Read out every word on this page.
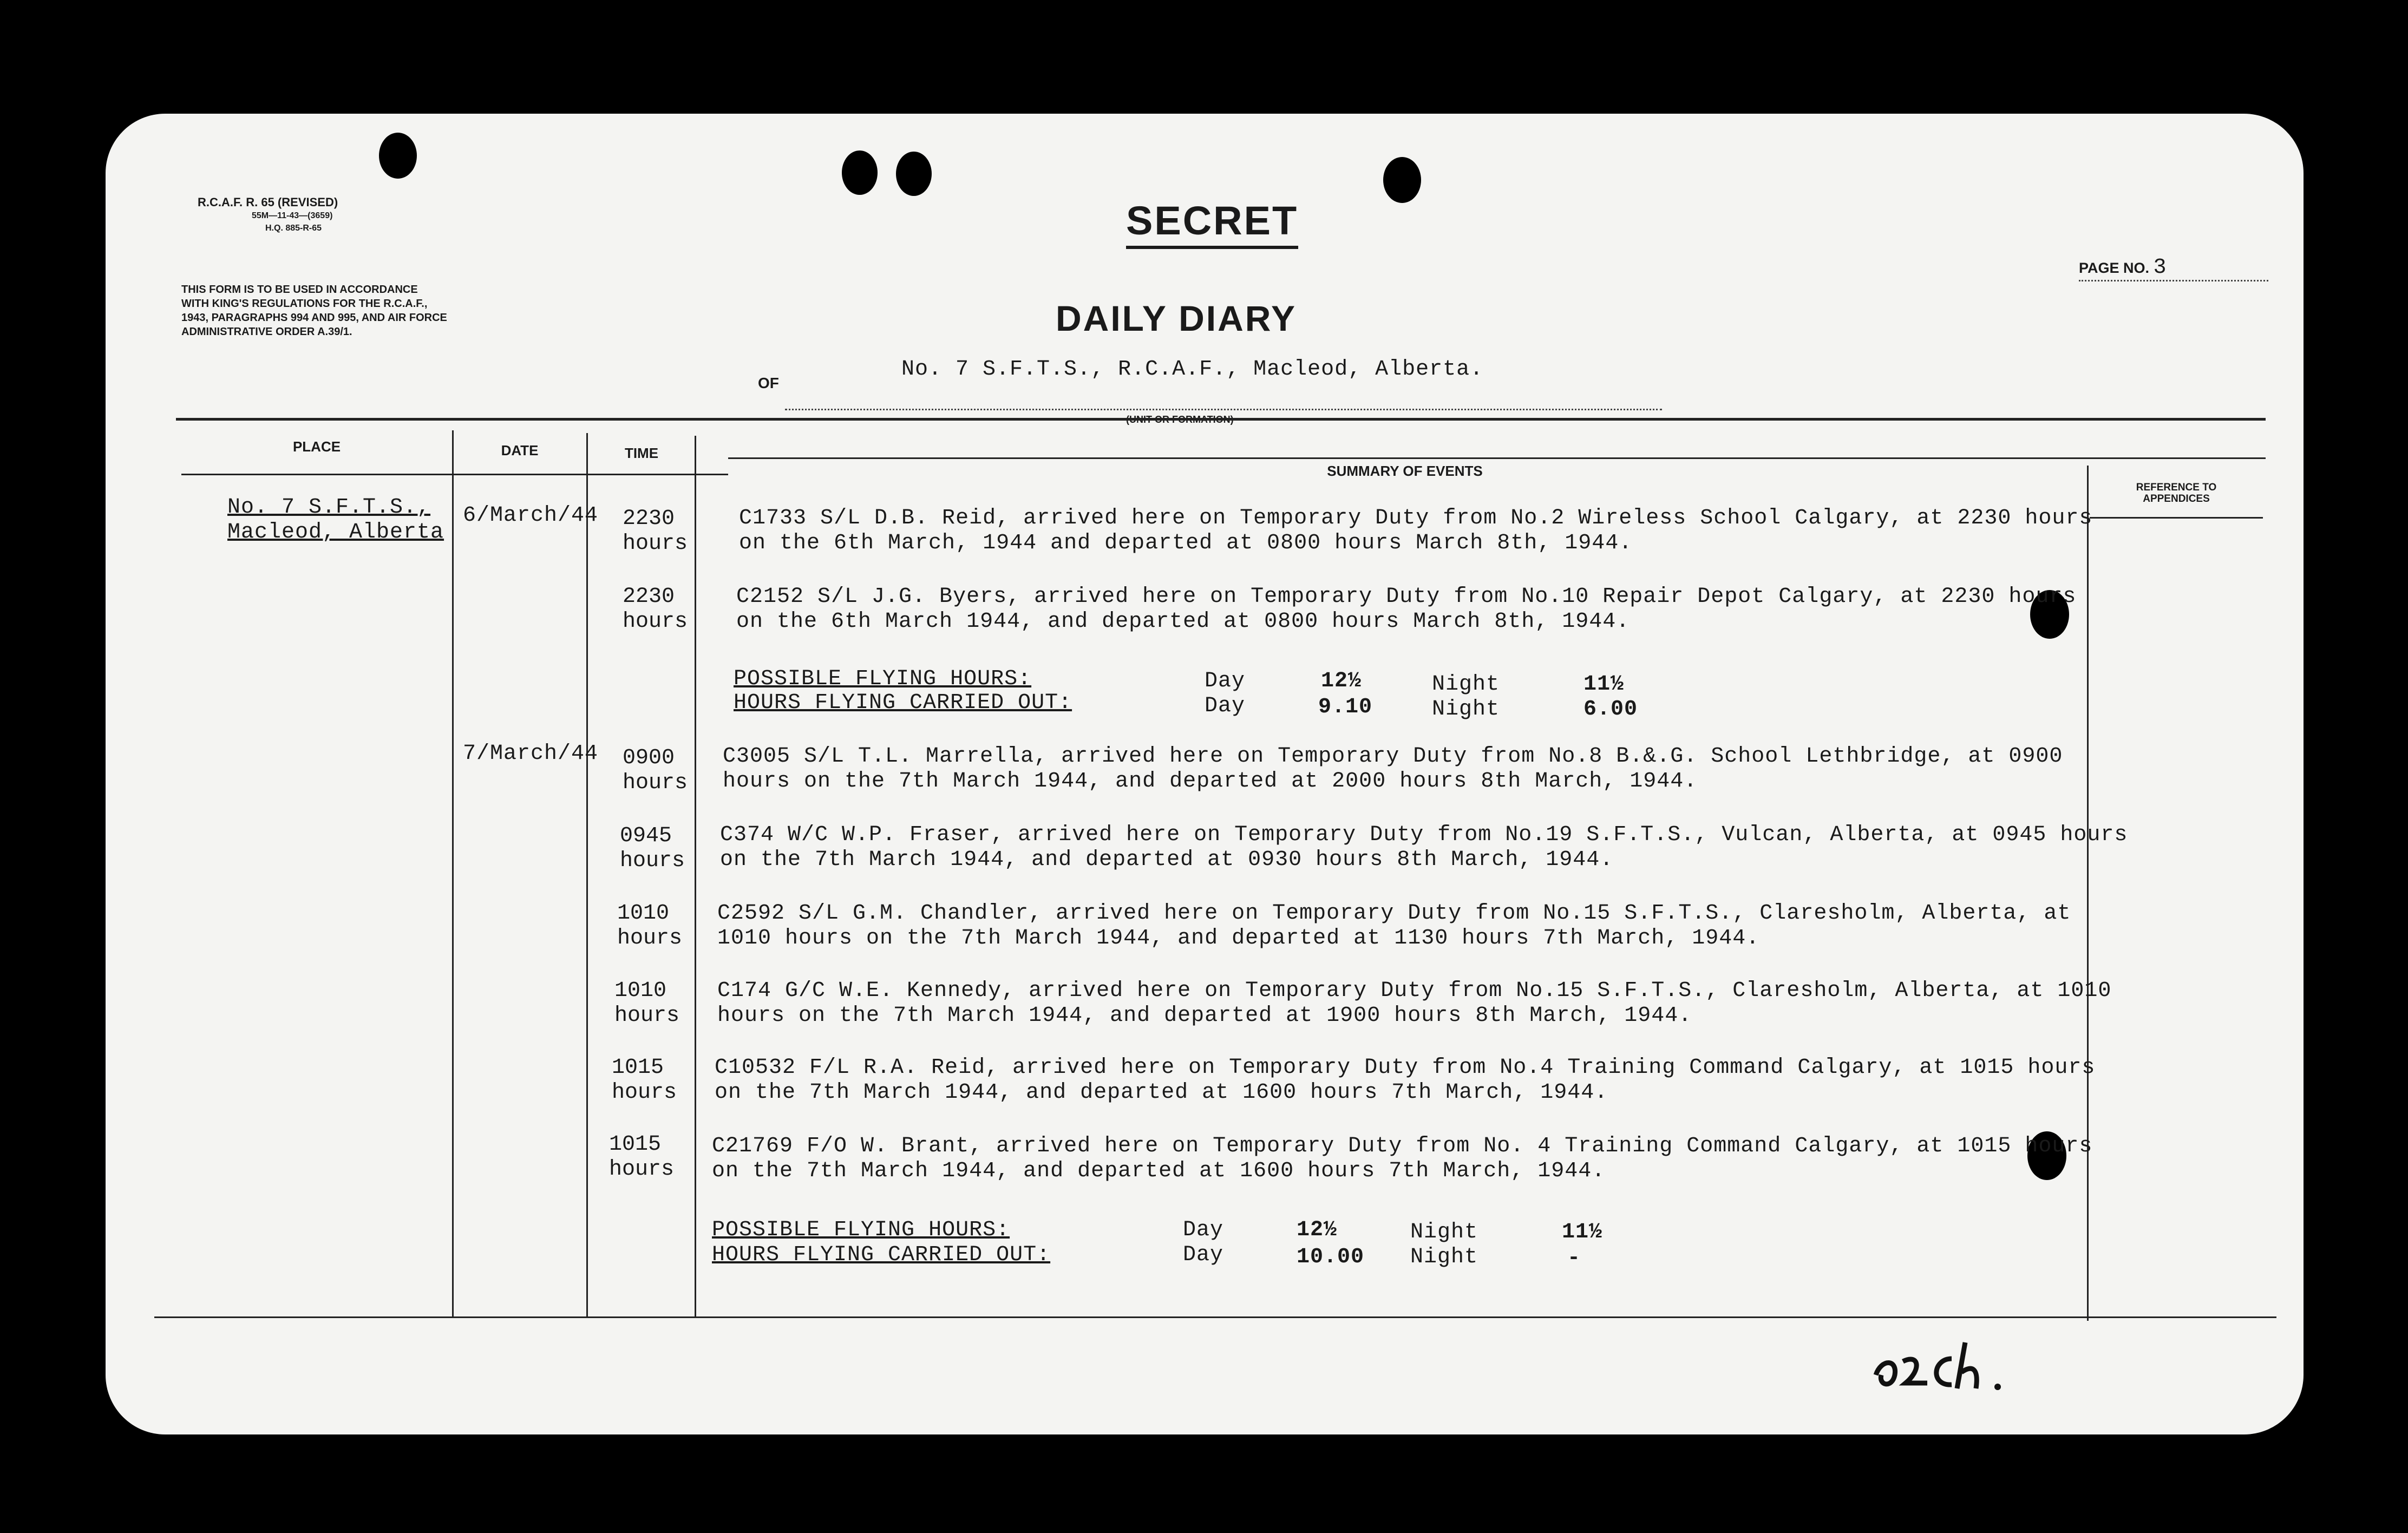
R.C.A.F. R. 65 (REVISED)
55M—11-43—(3659)
H.Q. 885-R-65
THIS FORM IS TO BE USED IN ACCORDANCE
WITH KING'S REGULATIONS FOR THE R.C.A.F.,
1943, PARAGRAPHS 994 AND 995, AND AIR FORCE
ADMINISTRATIVE ORDER A.39/1.
SECRET
PAGE NO. 3
DAILY DIARY
OF
No. 7 S.F.T.S., R.C.A.F., Macleod, Alberta.
PLACE	DATE	TIME
SUMMARY OF EVENTS
REFERENCE TO
APPENDICES
No. 7 S.F.T.S.,
Macleod, Alberta
6/March/44 2230
hours
C1733 S/L D.B. Reid, arrived here on Temporary Duty from No.2 Wireless School Calgary, at 2230 hours
on the 6th March, 1944 and departed at 0800 hours March 8th, 1944.
2230
hours
C2152 S/L J.G. Byers, arrived here on Temporary Duty from No.10 Repair Depot Calgary, at 2230 hours
on the 6th March 1944, and departed at 0800 hours March 8th, 1944.
POSSIBLE FLYING HOURS:
HOURS FLYING CARRIED OUT:
Day
Day
12½
9.10
Night
Night
11½
6.00
7/March/44 0900
hours
C3005 S/L T.L. Marrella, arrived here on Temporary Duty from No.8 B.&.G. School Lethbridge, at 0900
hours on the 7th March 1944, and departed at 2000 hours 8th March, 1944.
0945
hours
C374 W/C W.P. Fraser, arrived here on Temporary Duty from No.19 S.F.T.S., Vulcan, Alberta, at 0945 hours
on the 7th March 1944, and departed at 0930 hours 8th March, 1944.
1010
hours
C2592 S/L G.M. Chandler, arrived here on Temporary Duty from No.15 S.F.T.S., Claresholm, Alberta, at
1010 hours on the 7th March 1944, and departed at 1130 hours 7th March, 1944.
1010
hours
C174 G/C W.E. Kennedy, arrived here on Temporary Duty from No.15 S.F.T.S., Claresholm, Alberta, at 1010
hours on the 7th March 1944, and departed at 1900 hours 8th March, 1944.
1015
hours
C10532 F/L R.A. Reid, arrived here on Temporary Duty from No.4 Training Command Calgary, at 1015 hours
on the 7th March 1944, and departed at 1600 hours 7th March, 1944.
1015
hours
C21769 F/O W. Brant, arrived here on Temporary Duty from No. 4 Training Command Calgary, at 1015 hours
on the 7th March 1944, and departed at 1600 hours 7th March, 1944.
POSSIBLE FLYING HOURS:
HOURS FLYING CARRIED OUT:
Day
Day
12½
10.00
Night
Night
11½
-
